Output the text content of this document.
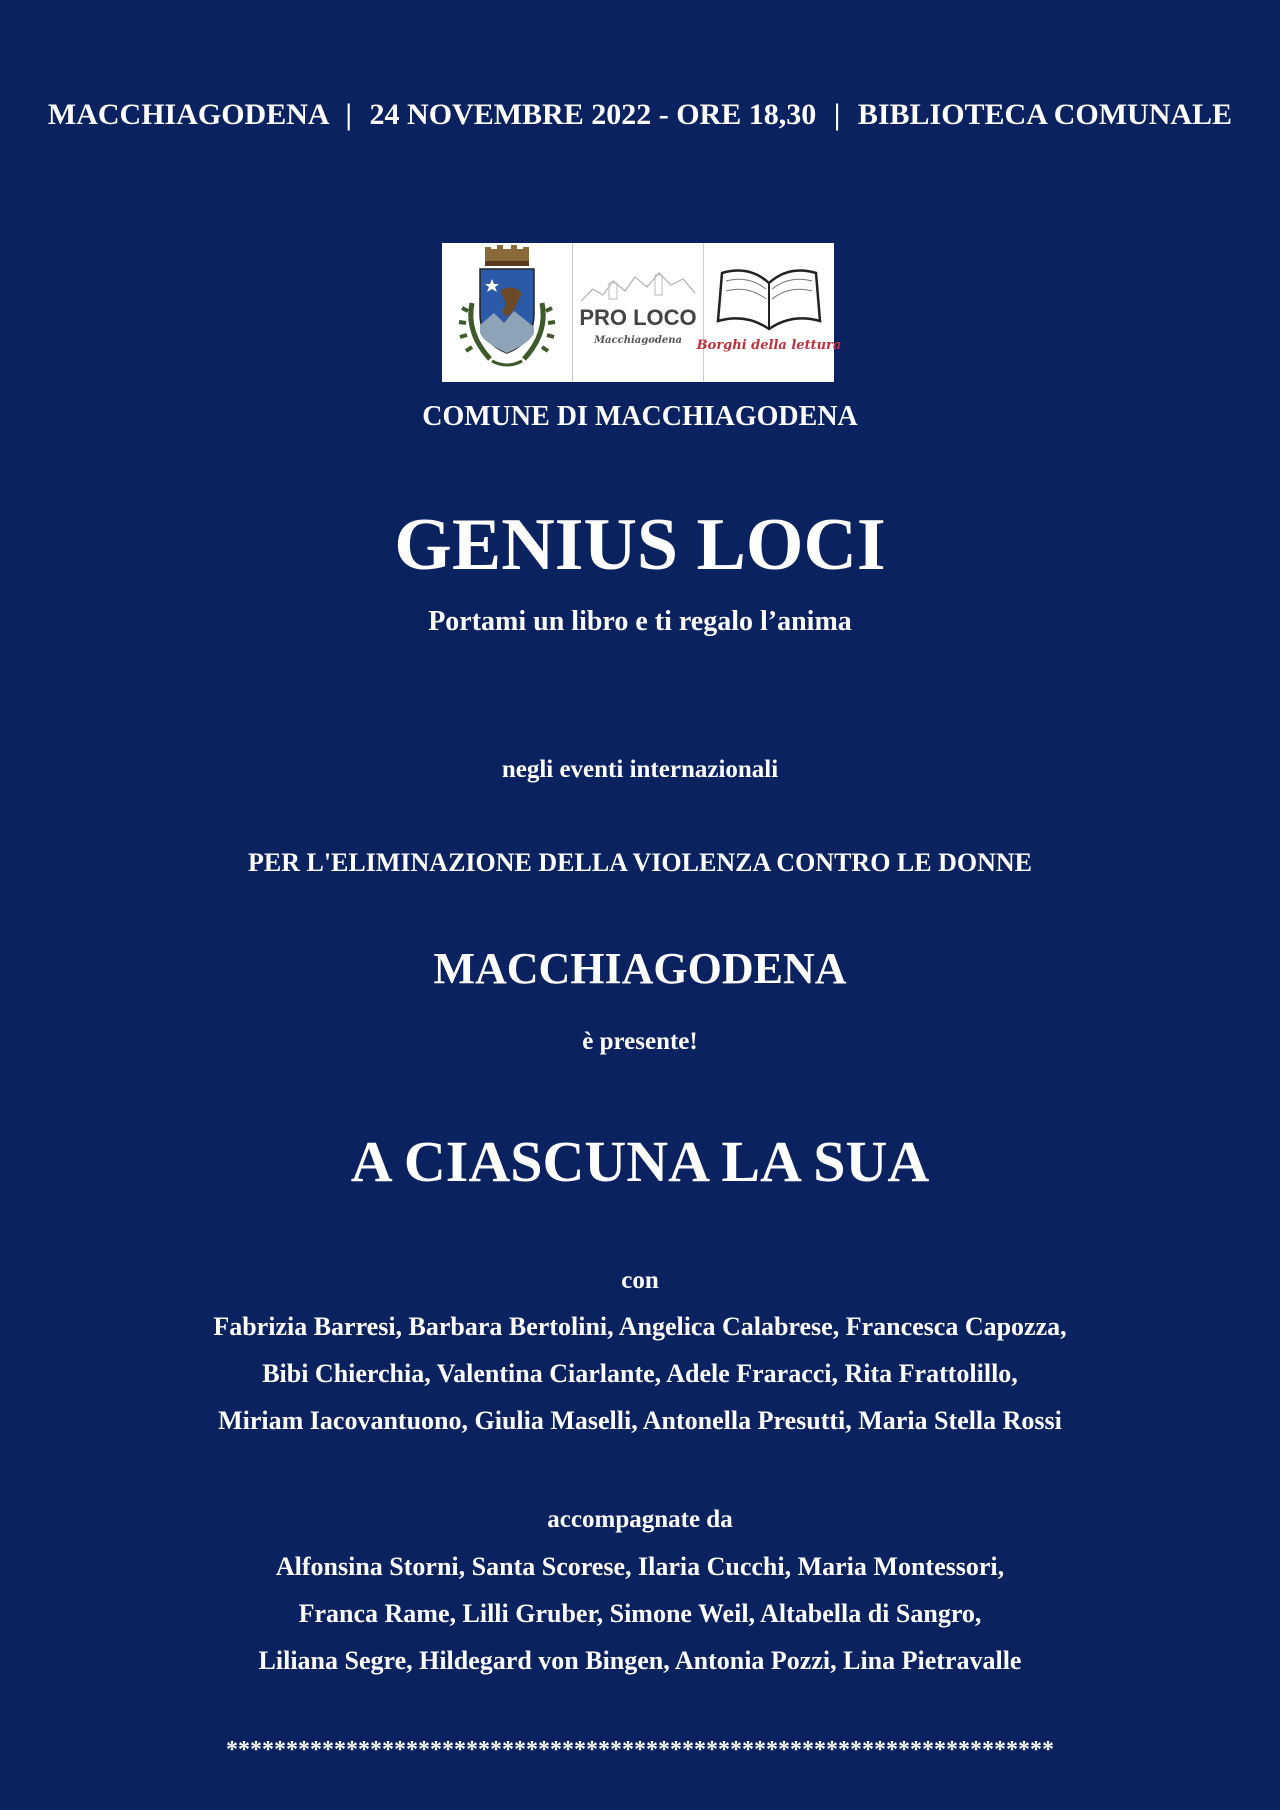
MACCHIAGODENA | 24 NOVEMBRE 2022 - ORE 18,30 | BIBLIOTECA COMUNALE
PRO LOCO
Macchiagodena Borghi della lettura
COMUNE DI MACCHIAGODENA
GENIUS LOCI
Portami un libro e ti regalo l’anima
negli eventi internazionali
PER L'ELIMINAZIONE DELLA VIOLENZA CONTRO LE DONNE
MACCHIAGODENA
è presente!
A CIASCUNA LA SUA
con
Fabrizia Barresi, Barbara Bertolini, Angelica Calabrese, Francesca Capozza,
Bibi Chierchia, Valentina Ciarlante, Adele Fraracci, Rita Frattolillo,
Miriam Iacovantuono, Giulia Maselli, Antonella Presutti, Maria Stella Rossi
accompagnate da
Alfonsina Storni, Santa Scorese, Ilaria Cucchi, Maria Montessori,
Franca Rame, Lilli Gruber, Simone Weil, Altabella di Sangro,
Liliana Segre, Hildegard von Bingen, Antonia Pozzi, Lina Pietravalle
*********************************************************************
